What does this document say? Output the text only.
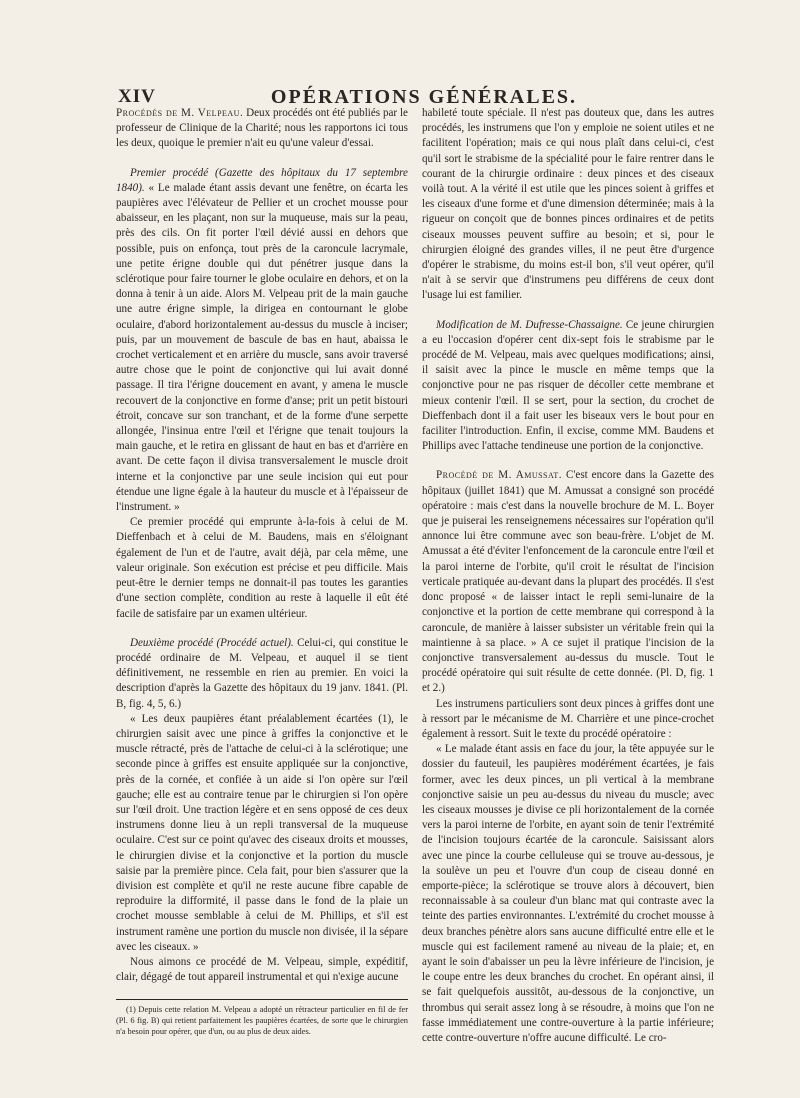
XIV	OPÉRATIONS GÉNÉRALES.

Procédés de M. Velpeau. Deux procédés ont été publiés par le professeur de Clinique de la Charité; nous les rapportons ici tous les deux, quoique le premier n'ait eu qu'une valeur d'essai.

Premier procédé (Gazette des hôpitaux du 17 septembre 1840). « Le malade étant assis devant une fenêtre, on écarta les paupières avec l'élévateur de Pellier et un crochet mousse pour abaisseur, en les plaçant, non sur la muqueuse, mais sur la peau, près des cils. On fit porter l'œil dévié aussi en dehors que possible, puis on enfonça, tout près de la caroncule lacrymale, une petite érigne double qui dut pénétrer jusque dans la sclérotique pour faire tourner le globe oculaire en dehors, et on la donna à tenir à un aide. Alors M. Velpeau prit de la main gauche une autre érigne simple, la dirigea en contournant le globe oculaire, d'abord horizontalement au-dessus du muscle à inciser; puis, par un mouvement de bascule de bas en haut, abaissa le crochet verticalement et en arrière du muscle, sans avoir traversé autre chose que le point de conjonctive qui lui avait donné passage. Il tira l'érigne doucement en avant, y amena le muscle recouvert de la conjonctive en forme d'anse; prit un petit bistouri étroit, concave sur son tranchant, et de la forme d'une serpette allongée, l'insinua entre l'œil et l'érigne que tenait toujours la main gauche, et le retira en glissant de haut en bas et d'arrière en avant. De cette façon il divisa transversalement le muscle droit interne et la conjonctive par une seule incision qui eut pour étendue une ligne égale à la hauteur du muscle et à l'épaisseur de l'instrument. »

Ce premier procédé qui emprunte à-la-fois à celui de M. Dieffenbach et à celui de M. Baudens, mais en s'éloignant également de l'un et de l'autre, avait déjà, par cela même, une valeur originale. Son exécution est précise et peu difficile. Mais peut-être le dernier temps ne donnait-il pas toutes les garanties d'une section complète, condition au reste à laquelle il eût été facile de satisfaire par un examen ultérieur.

Deuxième procédé (Procédé actuel). Celui-ci, qui constitue le procédé ordinaire de M. Velpeau, et auquel il se tient définitivement, ne ressemble en rien au premier. En voici la description d'après la Gazette des hôpitaux du 19 janv. 1841. (Pl. B, fig. 4, 5, 6.)

« Les deux paupières étant préalablement écartées (1), le chirurgien saisit avec une pince à griffes la conjonctive et le muscle rétracté, près de l'attache de celui-ci à la sclérotique; une seconde pince à griffes est ensuite appliquée sur la conjonctive, près de la cornée, et confiée à un aide si l'on opère sur l'œil gauche; elle est au contraire tenue par le chirurgien si l'on opère sur l'œil droit. Une traction légère et en sens opposé de ces deux instrumens donne lieu à un repli transversal de la muqueuse oculaire. C'est sur ce point qu'avec des ciseaux droits et mousses, le chirurgien divise et la conjonctive et la portion du muscle saisie par la première pince. Cela fait, pour bien s'assurer que la division est complète et qu'il ne reste aucune fibre capable de reproduire la difformité, il passe dans le fond de la plaie un crochet mousse semblable à celui de M. Phillips, et s'il est instrument ramène une portion du muscle non divisée, il la sépare avec les ciseaux. »

Nous aimons ce procédé de M. Velpeau, simple, expéditif, clair, dégagé de tout appareil instrumental et qui n'exige aucune

(1) Depuis cette relation M. Velpeau a adopté un rétracteur particulier en fil de fer (Pl. 6 fig. B) qui retient parfaitement les paupières écartées, de sorte que le chirurgien n'a besoin pour opérer, que d'un, ou au plus de deux aides.

habileté toute spéciale. Il n'est pas douteux que, dans les autres procédés, les instrumens que l'on y emploie ne soient utiles et ne facilitent l'opération; mais ce qui nous plaît dans celui-ci, c'est qu'il sort le strabisme de la spécialité pour le faire rentrer dans le courant de la chirurgie ordinaire : deux pinces et des ciseaux voilà tout. A la vérité il est utile que les pinces soient à griffes et les ciseaux d'une forme et d'une dimension déterminée; mais à la rigueur on conçoit que de bonnes pinces ordinaires et de petits ciseaux mousses peuvent suffire au besoin; et si, pour le chirurgien éloigné des grandes villes, il ne peut être d'urgence d'opérer le strabisme, du moins est-il bon, s'il veut opérer, qu'il n'ait à se servir que d'instrumens peu différens de ceux dont l'usage lui est familier.

Modification de M. Dufresse-Chassaigne. Ce jeune chirurgien a eu l'occasion d'opérer cent dix-sept fois le strabisme par le procédé de M. Velpeau, mais avec quelques modifications; ainsi, il saisit avec la pince le muscle en même temps que la conjonctive pour ne pas risquer de décoller cette membrane et mieux contenir l'œil. Il se sert, pour la section, du crochet de Dieffenbach dont il a fait user les biseaux vers le bout pour en faciliter l'introduction. Enfin, il excise, comme MM. Baudens et Phillips avec l'attache tendineuse une portion de la conjonctive.

Procédé de M. Amussat. C'est encore dans la Gazette des hôpitaux (juillet 1841) que M. Amussat a consigné son procédé opératoire : mais c'est dans la nouvelle brochure de M. L. Boyer que je puiserai les renseignemens nécessaires sur l'opération qu'il annonce lui être commune avec son beau-frère. L'objet de M. Amussat a été d'éviter l'enfoncement de la caroncule entre l'œil et la paroi interne de l'orbite, qu'il croit le résultat de l'incision verticale pratiquée au-devant dans la plupart des procédés. Il s'est donc proposé « de laisser intact le repli semi-lunaire de la conjonctive et la portion de cette membrane qui correspond à la caroncule, de manière à laisser subsister un véritable frein qui la maintienne à sa place. » A ce sujet il pratique l'incision de la conjonctive transversalement au-dessus du muscle. Tout le procédé opératoire qui suit résulte de cette donnée. (Pl. D, fig. 1 et 2.)

Les instrumens particuliers sont deux pinces à griffes dont une à ressort par le mécanisme de M. Charrière et une pince-crochet également à ressort. Suit le texte du procédé opératoire :

« Le malade étant assis en face du jour, la tête appuyée sur le dossier du fauteuil, les paupières modérément écartées, je fais former, avec les deux pinces, un pli vertical à la membrane conjonctive saisie un peu au-dessus du niveau du muscle; avec les ciseaux mousses je divise ce pli horizontalement de la cornée vers la paroi interne de l'orbite, en ayant soin de tenir l'extrémité de l'incision toujours écartée de la caroncule. Saisissant alors avec une pince la courbe celluleuse qui se trouve au-dessous, je la soulève un peu et l'ouvre d'un coup de ciseau donné en emporte-pièce; la sclérotique se trouve alors à découvert, bien reconnaissable à sa couleur d'un blanc mat qui contraste avec la teinte des parties environnantes. L'extrémité du crochet mousse à deux branches pénètre alors sans aucune difficulté entre elle et le muscle qui est facilement ramené au niveau de la plaie; et, en ayant le soin d'abaisser un peu la lèvre inférieure de l'incision, je le coupe entre les deux branches du crochet. En opérant ainsi, il se fait quelquefois aussitôt, au-dessous de la conjonctive, un thrombus qui serait assez long à se résoudre, à moins que l'on ne fasse immédiatement une contre-ouverture à la partie inférieure; cette contre-ouverture n'offre aucune difficulté. Le cro-
